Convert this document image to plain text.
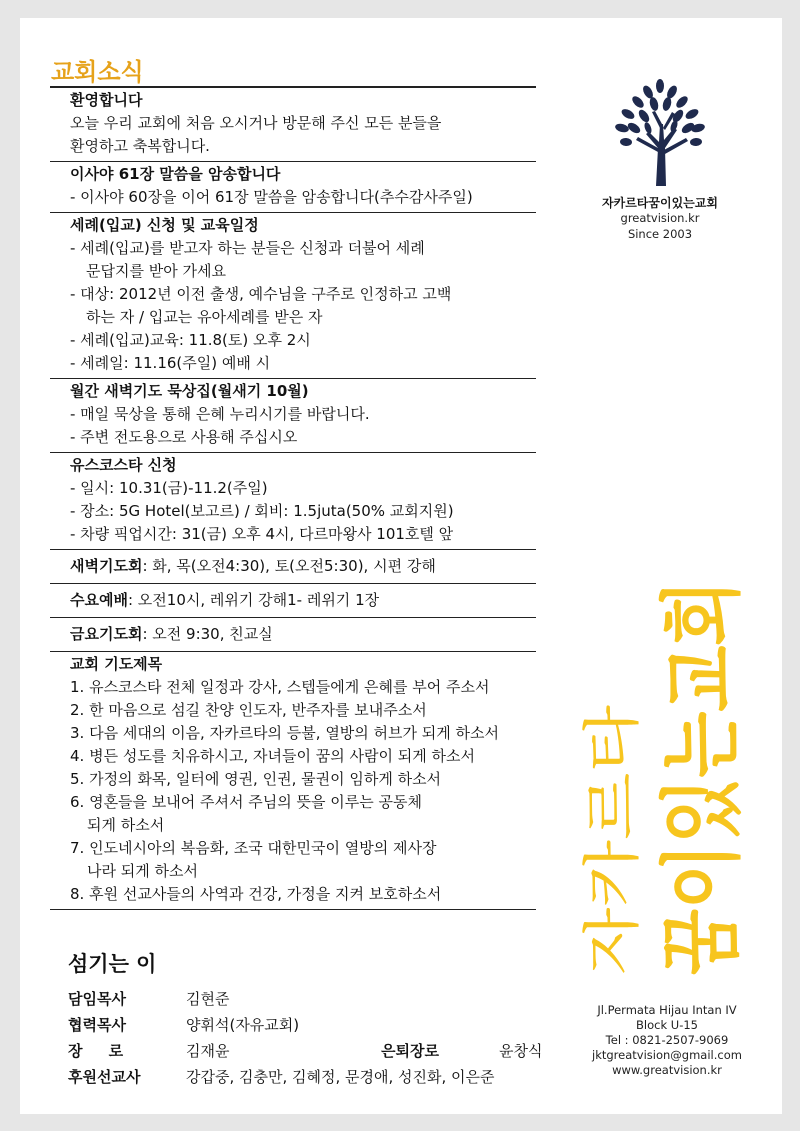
교회소식
환영합니다
오늘 우리 교회에 처음 오시거나 방문해 주신 모든 분들을
환영하고 축복합니다.
이사야 61장 말씀을 암송합니다
- 이사야 60장을 이어 61장 말씀을 암송합니다(추수감사주일)
세례(입교) 신청 및 교육일정
- 세례(입교)를 받고자 하는 분들은 신청과 더불어 세례
문답지를 받아 가세요
- 대상: 2012년 이전 출생, 예수님을 구주로 인정하고 고백
하는 자 / 입교는 유아세례를 받은 자
- 세례(입교)교육: 11.8(토) 오후 2시
- 세례일: 11.16(주일) 예배 시
월간 새벽기도 묵상집(월새기 10월)
- 매일 묵상을 통해 은혜 누리시기를 바랍니다.
- 주변 전도용으로 사용해 주십시오
유스코스타 신청
- 일시: 10.31(금)-11.2(주일)
- 장소: 5G Hotel(보고르) / 회비: 1.5juta(50% 교회지원)
- 차량 픽업시간: 31(금) 오후 4시, 다르마왕사 101호텔 앞
새벽기도회: 화, 목(오전4:30), 토(오전5:30), 시편 강해
수요예배: 오전10시, 레위기 강해1- 레위기 1장
금요기도회: 오전 9:30, 친교실
교회 기도제목
1. 유스코스타 전체 일정과 강사, 스텝들에게 은혜를 부어 주소서
2. 한 마음으로 섬길 찬양 인도자, 반주자를 보내주소서
3. 다음 세대의 이음, 자카르타의 등불, 열방의 허브가 되게 하소서
4. 병든 성도를 치유하시고, 자녀들이 꿈의 사람이 되게 하소서
5. 가정의 화목, 일터에 영권, 인권, 물권이 임하게 하소서
6. 영혼들을 보내어 주셔서 주님의 뜻을 이루는 공동체
되게 하소서
7. 인도네시아의 복음화, 조국 대한민국이 열방의 제사장
나라 되게 하소서
8. 후원 선교사들의 사역과 건강, 가정을 지켜 보호하소서
자카르타꿈이있는교회
greatvision.kr
Since 2003
자카르타 꿈이있는교회
섬기는 이
담임목사	김현준
협력목사	양휘석(자유교회)
장     로	김재윤	은퇴장로	윤창식
후원선교사	강갑중, 김충만, 김혜정, 문경애, 성진화, 이은준
Jl.Permata Hijau Intan IV
Block U-15
Tel : 0821-2507-9069
jktgreatvision@gmail.com
www.greatvision.kr
